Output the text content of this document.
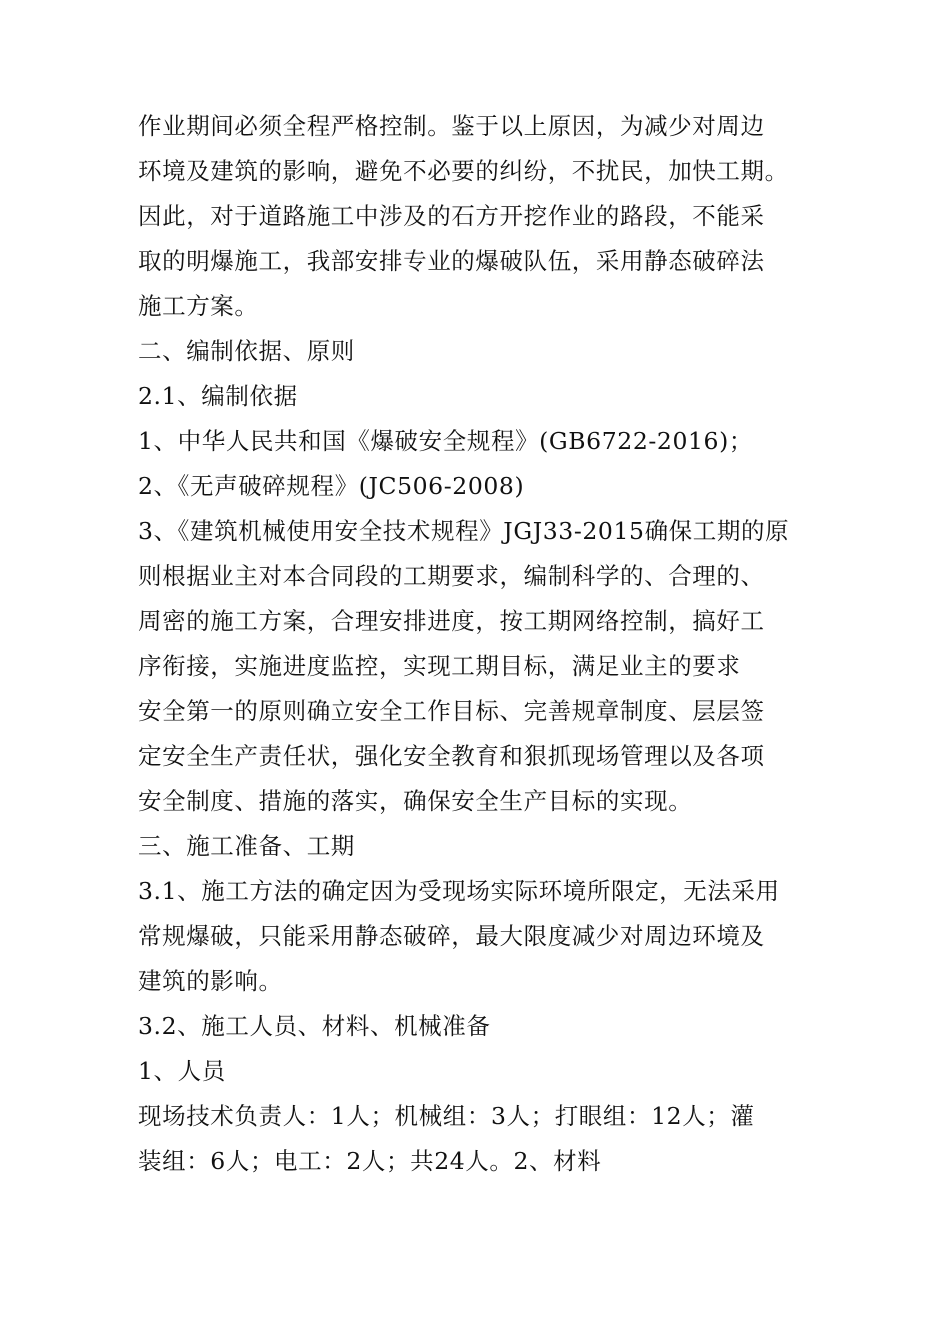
作业期间必须全程严格控制。鉴于以上原因，为减少对周边
环境及建筑的影响，避免不必要的纠纷，不扰民，加快工期。
因此，对于道路施工中涉及的石方开挖作业的路段，不能采
取的明爆施工，我部安排专业的爆破队伍，采用静态破碎法
施工方案。
二、编制依据、原则
2.1、编制依据
1、中华人民共和国《爆破安全规程》(GB6722-2016)；
2、《无声破碎规程》(JC506-2008)
3、《建筑机械使用安全技术规程》JGJ33-2015确保工期的原
则根据业主对本合同段的工期要求，编制科学的、合理的、
周密的施工方案，合理安排进度，按工期网络控制，搞好工
序衔接，实施进度监控，实现工期目标，满足业主的要求
安全第一的原则确立安全工作目标、完善规章制度、层层签
定安全生产责任状，强化安全教育和狠抓现场管理以及各项
安全制度、措施的落实，确保安全生产目标的实现。
三、施工准备、工期
3.1、施工方法的确定因为受现场实际环境所限定，无法采用
常规爆破，只能采用静态破碎，最大限度减少对周边环境及
建筑的影响。
3.2、施工人员、材料、机械准备
1、人员
现场技术负责人：1人；机械组：3人；打眼组：12人；灌
装组：6人；电工：2人；共24人。2、材料
